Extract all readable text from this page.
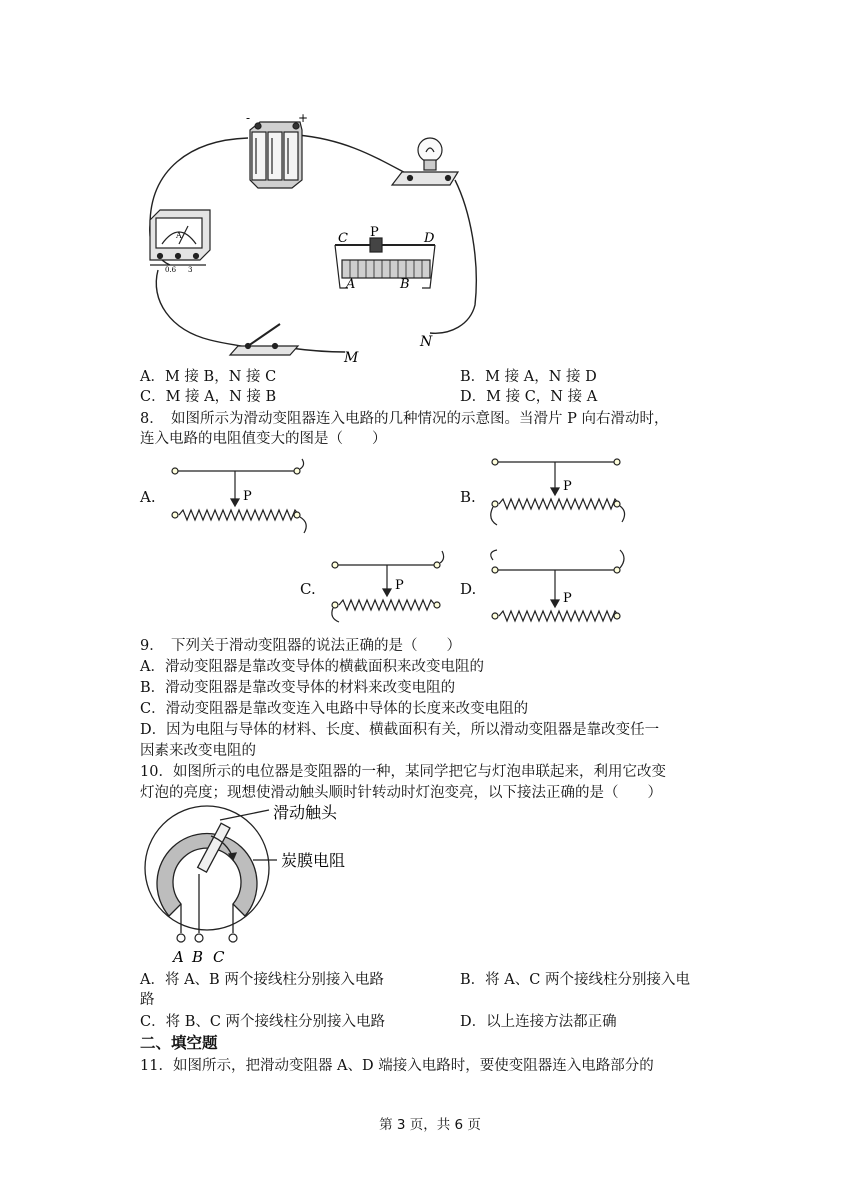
-	+
A
0.6 3
C P	D
A	B
M
N
A．M 接 B，N 接 C	B．M 接 A，N 接 D
C．M 接 A，N 接 B	D．M 接 C，N 接 A
8．　如图所示为滑动变阻器连入电路的几种情况的示意图。当滑片 P 向右滑动时，
连入电路的电阻值变大的图是（　　）
A.	P	B.
P
C.	P	D.
P
9．　下列关于滑动变阻器的说法正确的是（　　）
A．滑动变阻器是靠改变导体的横截面积来改变电阻的
B．滑动变阻器是靠改变导体的材料来改变电阻的
C．滑动变阻器是靠改变连入电路中导体的长度来改变电阻的
D．因为电阻与导体的材料、长度、横截面积有关，所以滑动变阻器是靠改变任一
因素来改变电阻的
10．如图所示的电位器是变阻器的一种，某同学把它与灯泡串联起来，利用它改变
灯泡的亮度；现想使滑动触头顺时针转动时灯泡变亮，以下接法正确的是（　　）
滑动触头
炭膜电阻
A B C
A．将 A、B 两个接线柱分别接入电路	B．将 A、C 两个接线柱分别接入电
路
C．将 B、C 两个接线柱分别接入电路	D．以上连接方法都正确
二、填空题
11．如图所示，把滑动变阻器 A、D 端接入电路时，要使变阻器连入电路部分的
第 3 页，共 6 页
